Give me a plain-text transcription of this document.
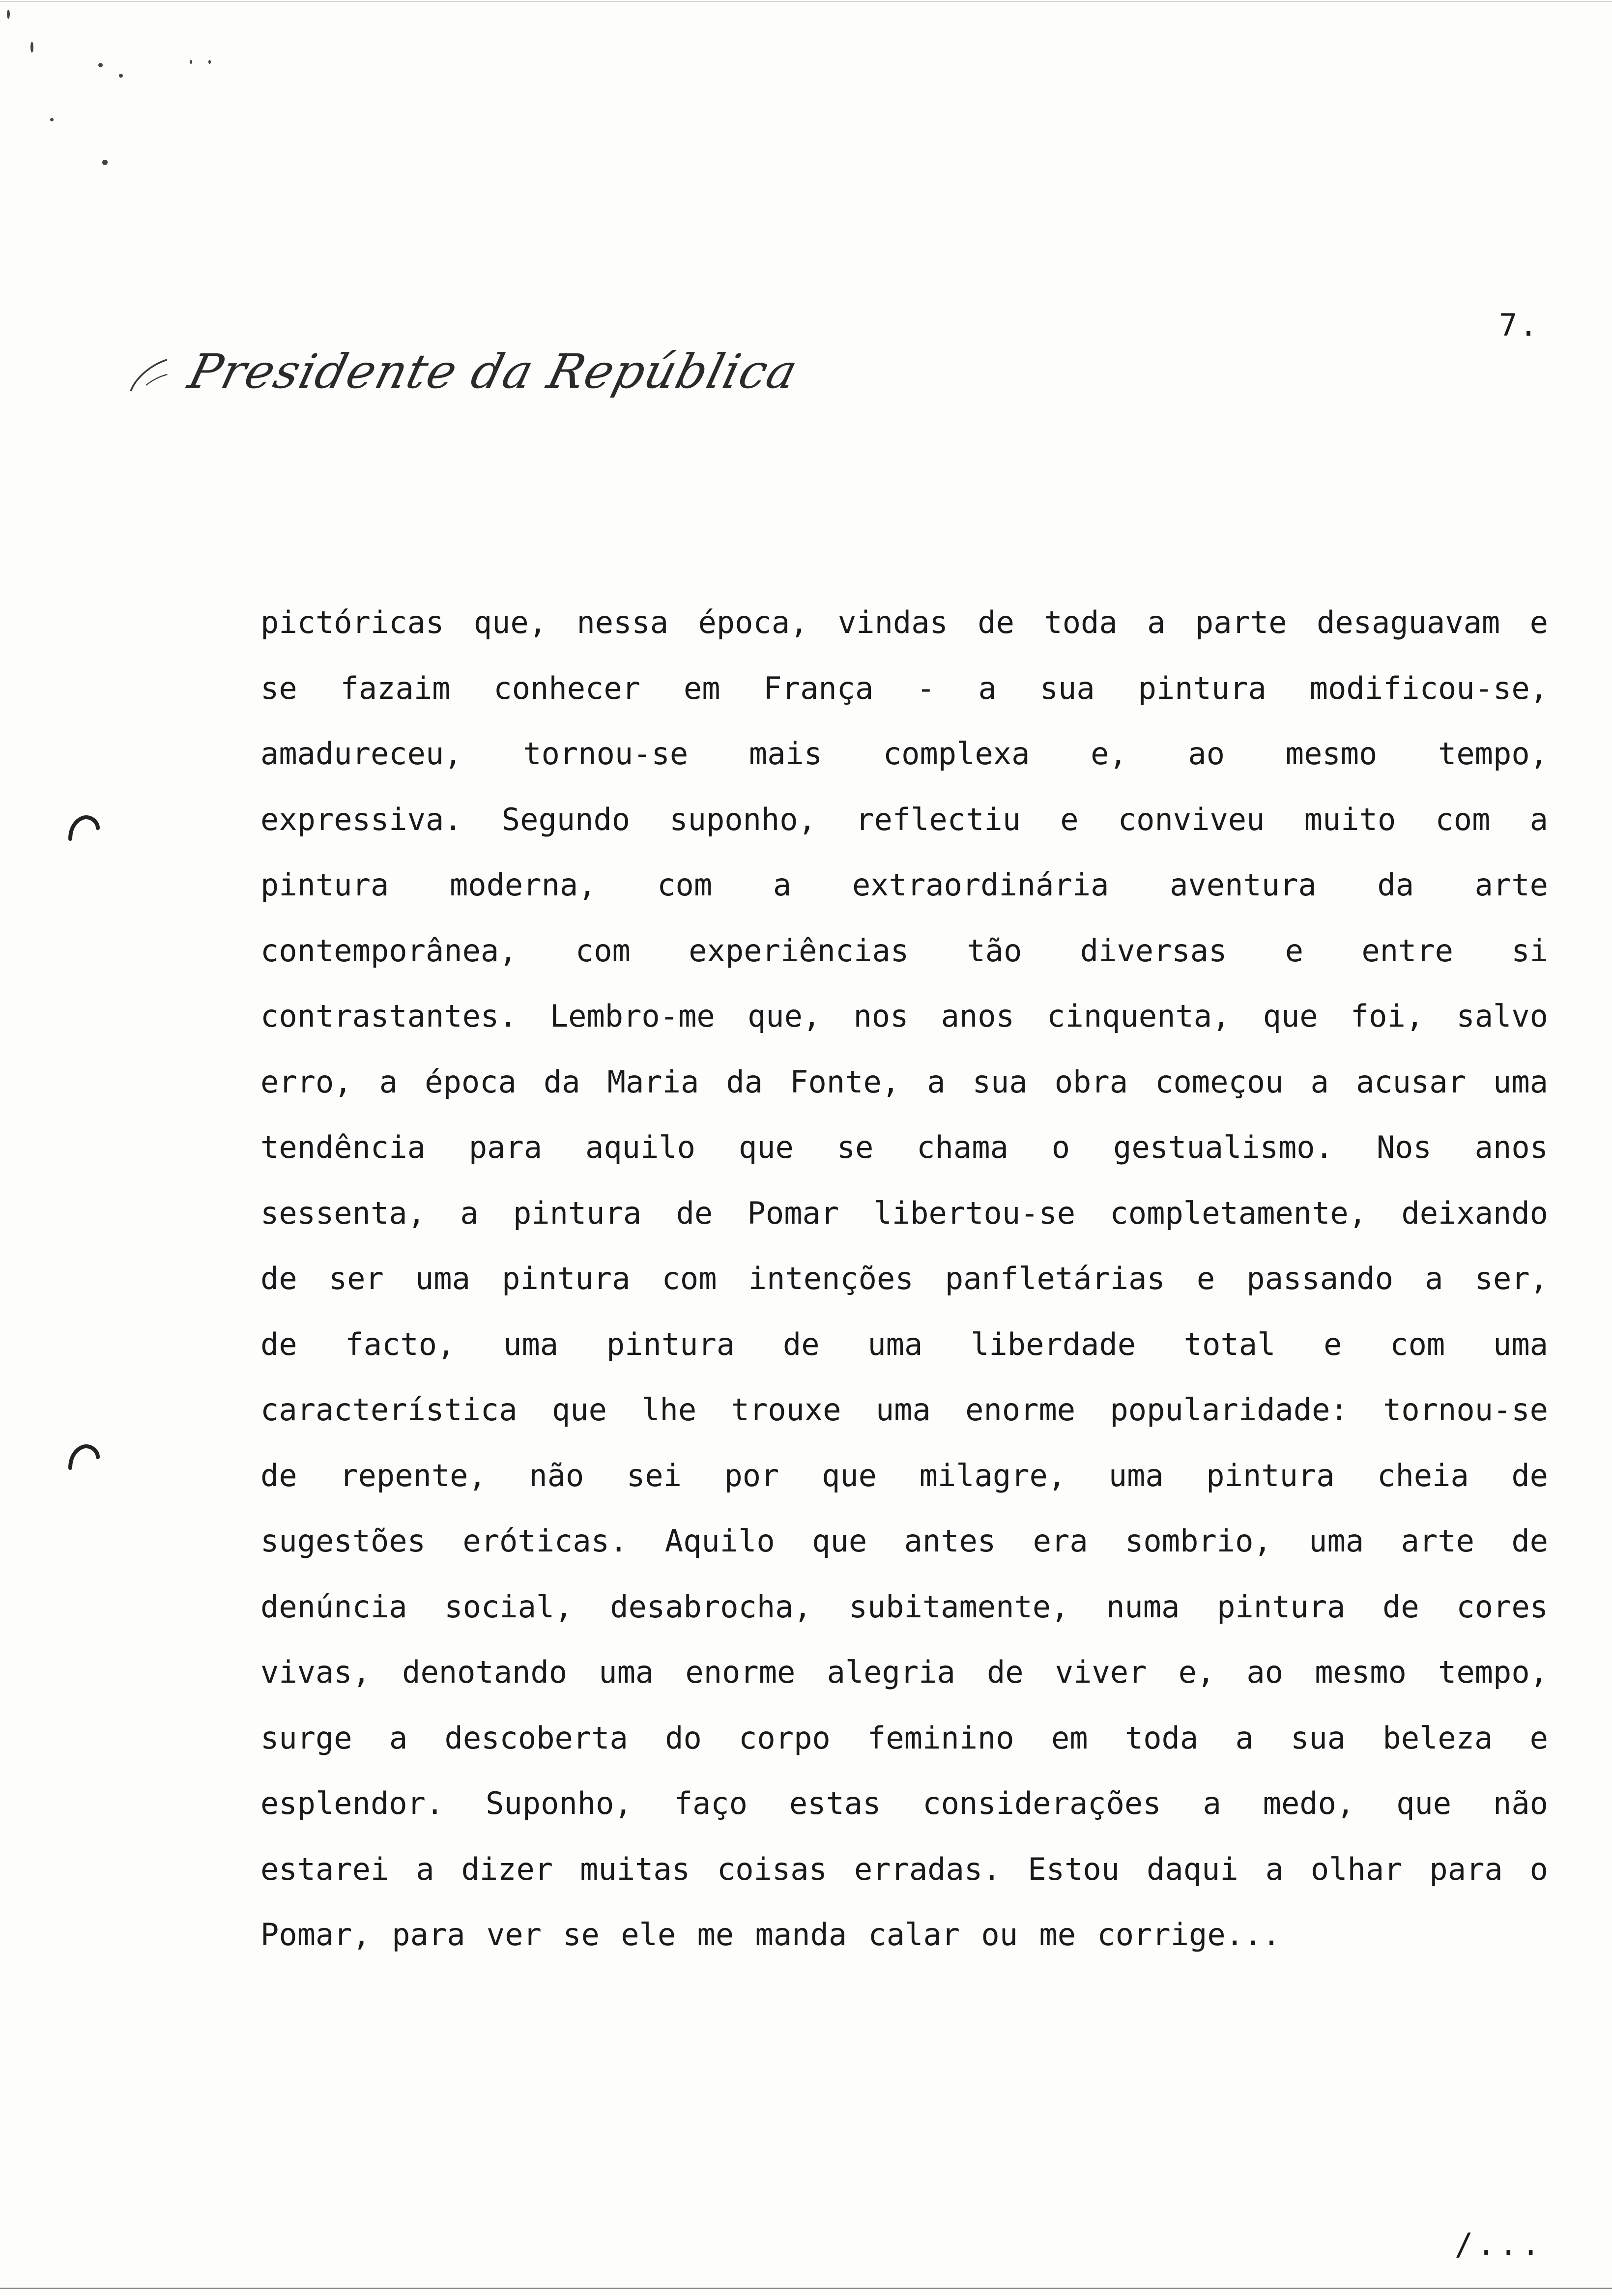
7.
Presidente da República
pictóricas que, nessa época, vindas de toda a parte desaguavam e
se fazaim conhecer em França - a sua pintura modificou-se,
amadureceu, tornou-se mais complexa e, ao mesmo tempo,
expressiva. Segundo suponho, reflectiu e conviveu muito com a
pintura moderna, com a extraordinária aventura da arte
contemporânea, com experiências tão diversas e entre si
contrastantes. Lembro-me que, nos anos cinquenta, que foi, salvo
erro, a época da Maria da Fonte, a sua obra começou a acusar uma
tendência para aquilo que se chama o gestualismo. Nos anos
sessenta, a pintura de Pomar libertou-se completamente, deixando
de ser uma pintura com intenções panfletárias e passando a ser,
de facto, uma pintura de uma liberdade total e com uma
característica que lhe trouxe uma enorme popularidade: tornou-se
de repente, não sei por que milagre, uma pintura cheia de
sugestões eróticas. Aquilo que antes era sombrio, uma arte de
denúncia social, desabrocha, subitamente, numa pintura de cores
vivas, denotando uma enorme alegria de viver e, ao mesmo tempo,
surge a descoberta do corpo feminino em toda a sua beleza e
esplendor. Suponho, faço estas considerações a medo, que não
estarei a dizer muitas coisas erradas. Estou daqui a olhar para o
Pomar, para ver se ele me manda calar ou me corrige...
/...
